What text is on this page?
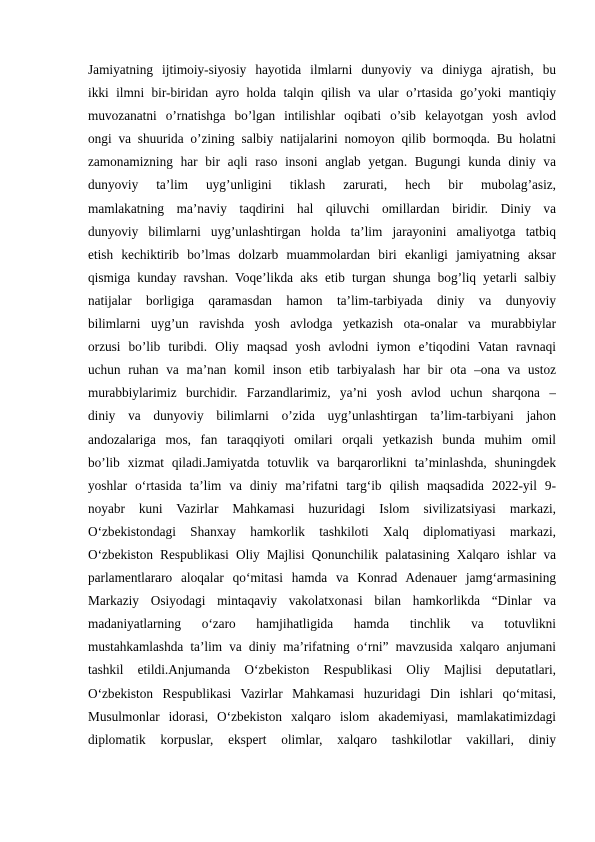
Jamiyatning ijtimoiy-siyosiy hayotida ilmlarni dunyoviy va diniyga ajratish, bu
ikki ilmni bir-biridan ayro holda talqin qilish va ular o’rtasida go’yoki mantiqiy
muvozanatni o’rnatishga bo’lgan intilishlar oqibati o’sib kelayotgan yosh avlod
ongi va shuurida o’zining salbiy natijalarini nomoyon qilib bormoqda. Bu holatni
zamonamizning har bir aqli raso insoni anglab yetgan. Bugungi kunda diniy va
dunyoviy ta’lim uyg’unligini tiklash zarurati, hech bir mubolag’asiz,
mamlakatning ma’naviy taqdirini hal qiluvchi omillardan biridir. Diniy va
dunyoviy bilimlarni uyg’unlashtirgan holda ta’lim jarayonini amaliyotga tatbiq
etish kechiktirib bo’lmas dolzarb muammolardan biri ekanligi jamiyatning aksar
qismiga kunday ravshan. Voqe’likda aks etib turgan shunga bog’liq yetarli salbiy
natijalar borligiga qaramasdan hamon ta’lim-tarbiyada diniy va dunyoviy
bilimlarni uyg’un ravishda yosh avlodga yetkazish ota-onalar va murabbiylar
orzusi bo’lib turibdi. Oliy maqsad yosh avlodni iymon e’tiqodini Vatan ravnaqi
uchun ruhan va ma’nan komil inson etib tarbiyalash har bir ota –ona va ustoz
murabbiylarimiz burchidir. Farzandlarimiz, ya’ni yosh avlod uchun sharqona –
diniy va dunyoviy bilimlarni o’zida uyg’unlashtirgan ta’lim-tarbiyani jahon
andozalariga mos, fan taraqqiyoti omilari orqali yetkazish bunda muhim omil
bo’lib xizmat qiladi.Jamiyatda totuvlik va barqarorlikni ta’minlashda, shuningdek
yoshlar o‘rtasida ta’lim va diniy ma’rifatni targ‘ib qilish maqsadida 2022-yil 9-
noyabr kuni Vazirlar Mahkamasi huzuridagi Islom sivilizatsiyasi markazi,
O‘zbekistondagi Shanxay hamkorlik tashkiloti Xalq diplomatiyasi markazi,
O‘zbekiston Respublikasi Oliy Majlisi Qonunchilik palatasining Xalqaro ishlar va
parlamentlararo aloqalar qo‘mitasi hamda va Konrad Adenauer jamg‘armasining
Markaziy Osiyodagi mintaqaviy vakolatxonasi bilan hamkorlikda “Dinlar va
madaniyatlarning o‘zaro hamjihatligida hamda tinchlik va totuvlikni
mustahkamlashda ta’lim va diniy ma’rifatning o‘rni” mavzusida xalqaro anjumani
tashkil etildi.Anjumanda O‘zbekiston Respublikasi Oliy Majlisi deputatlari,
O‘zbekiston Respublikasi Vazirlar Mahkamasi huzuridagi Din ishlari qo‘mitasi,
Musulmonlar idorasi, O‘zbekiston xalqaro islom akademiyasi, mamlakatimizdagi
diplomatik korpuslar, ekspert olimlar, xalqaro tashkilotlar vakillari, diniy
